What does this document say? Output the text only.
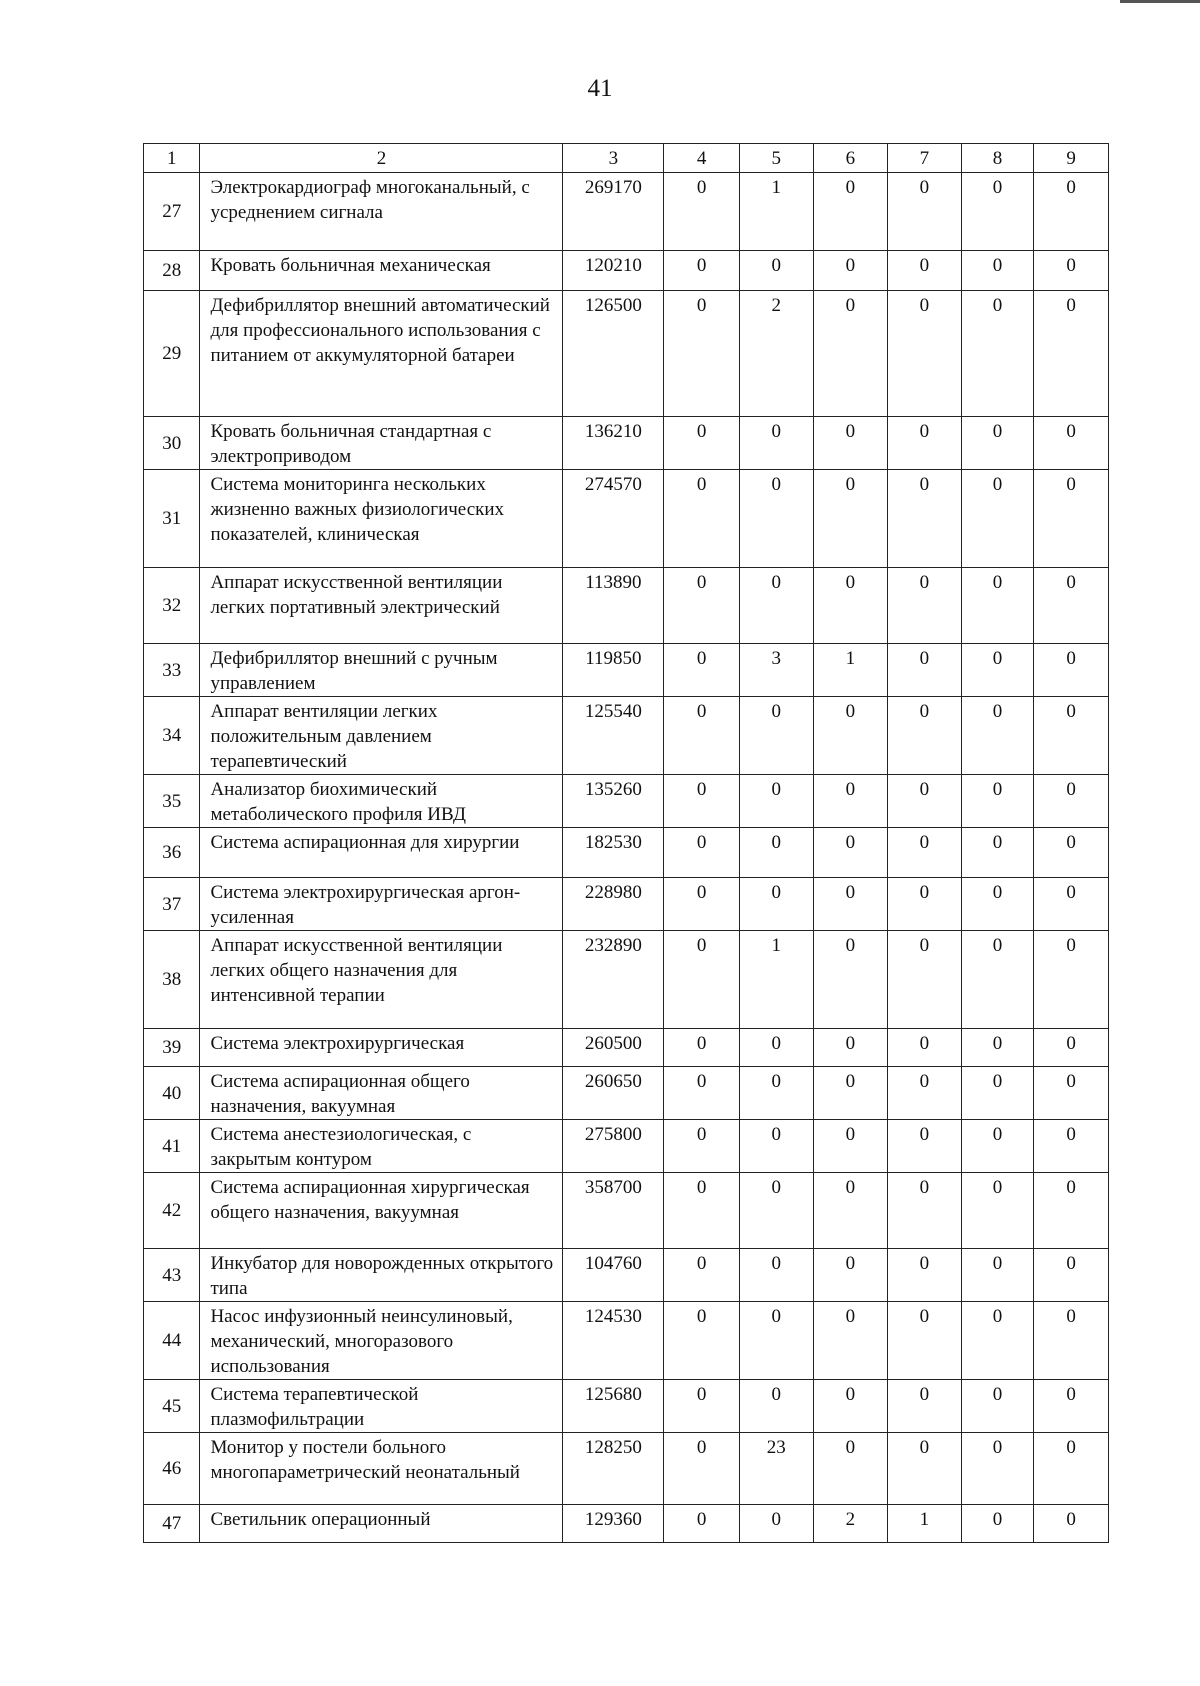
41
1	2	3	4	5	6	7	8	9
27	Электрокардиограф многоканальный, с усреднением сигнала	269170	0	1	0	0	0	0
28	Кровать больничная механическая	120210	0	0	0	0	0	0
29	Дефибриллятор внешний автоматический для профессионального использования с питанием от аккумуляторной батареи	126500	0	2	0	0	0	0
30	Кровать больничная стандартная с электроприводом	136210	0	0	0	0	0	0
31	Система мониторинга нескольких жизненно важных физиологических показателей, клиническая	274570	0	0	0	0	0	0
32	Аппарат искусственной вентиляции легких портативный электрический	113890	0	0	0	0	0	0
33	Дефибриллятор внешний с ручным управлением	119850	0	3	1	0	0	0
34	Аппарат вентиляции легких положительным давлением терапевтический	125540	0	0	0	0	0	0
35	Анализатор биохимический метаболического профиля ИВД	135260	0	0	0	0	0	0
36	Система аспирационная для хирургии	182530	0	0	0	0	0	0
37	Система электрохирургическая аргон-усиленная	228980	0	0	0	0	0	0
38	Аппарат искусственной вентиляции легких общего назначения для интенсивной терапии	232890	0	1	0	0	0	0
39	Система электрохирургическая	260500	0	0	0	0	0	0
40	Система аспирационная общего назначения, вакуумная	260650	0	0	0	0	0	0
41	Система анестезиологическая, с закрытым контуром	275800	0	0	0	0	0	0
42	Система аспирационная хирургическая общего назначения, вакуумная	358700	0	0	0	0	0	0
43	Инкубатор для новорожденных открытого типа	104760	0	0	0	0	0	0
44	Насос инфузионный неинсулиновый, механический, многоразового использования	124530	0	0	0	0	0	0
45	Система терапевтической плазмофильтрации	125680	0	0	0	0	0	0
46	Монитор у постели больного многопараметрический неонатальный	128250	0	23	0	0	0	0
47	Светильник операционный	129360	0	0	2	1	0	0
